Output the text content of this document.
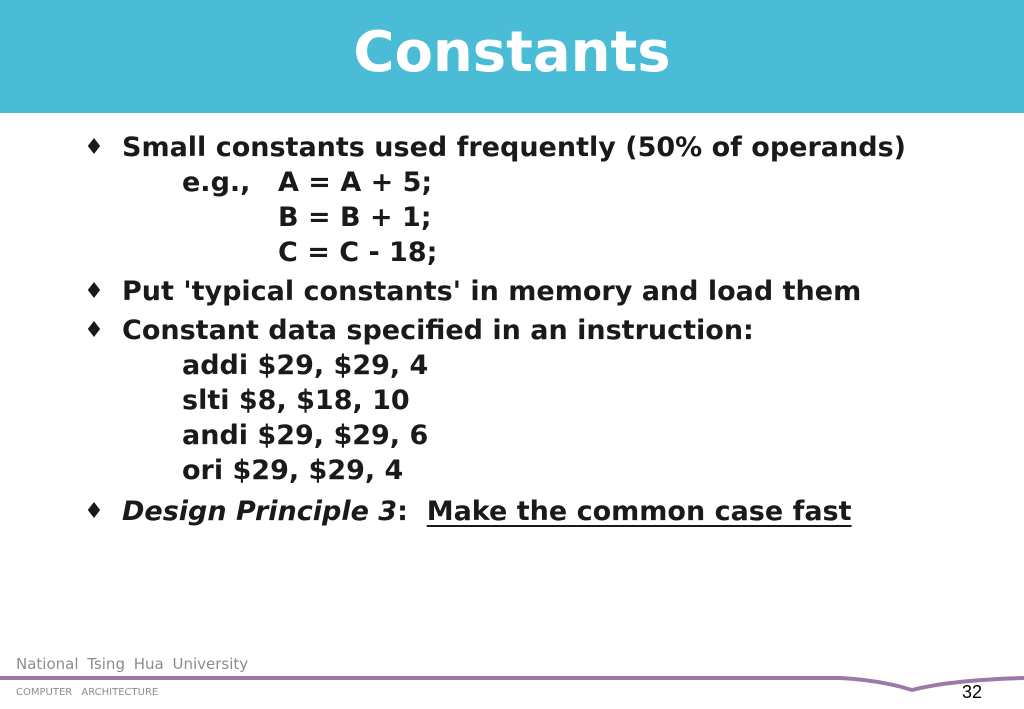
Constants
♦ Small constants used frequently (50% of operands)
e.g.,	A = A + 5;
B = B + 1;
C = C - 18;
♦ Put 'typical constants' in memory and load them
♦ Constant data specified in an instruction:
addi $29, $29, 4
slti $8, $18, 10
andi $29, $29, 6
ori $29, $29, 4
♦ Design Principle 3: Make the common case fast
National Tsing Hua University
COMPUTER ARCHITECTURE	32
